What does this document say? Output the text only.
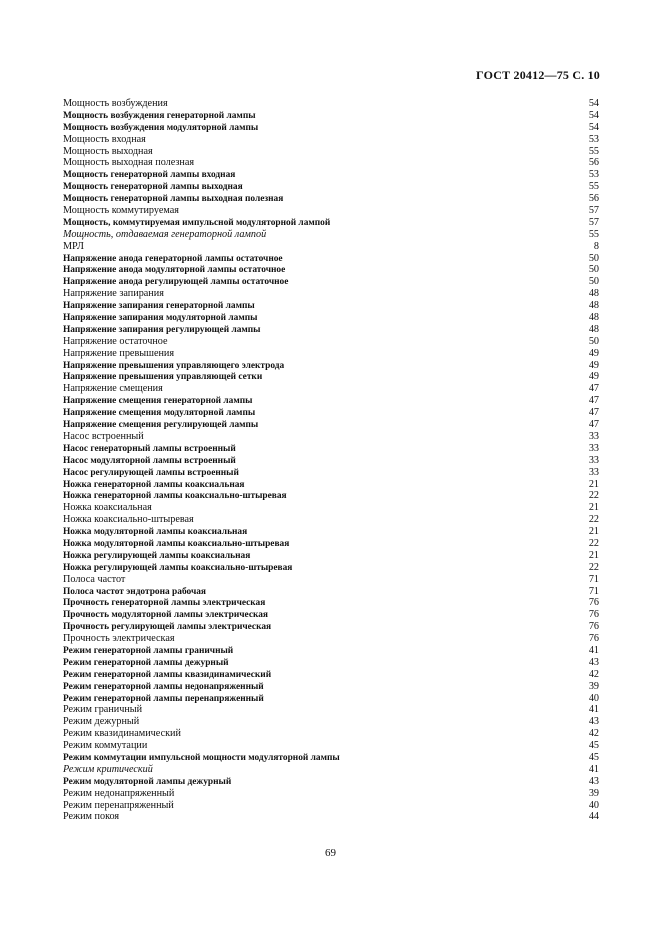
ГОСТ 20412—75 С. 10
Мощность возбуждения	54
Мощность возбуждения генераторной лампы	54
Мощность возбуждения модуляторной лампы	54
Мощность входная	53
Мощность выходная	55
Мощность выходная полезная	56
Мощность генераторной лампы входная	53
Мощность генераторной лампы выходная	55
Мощность генераторной лампы выходная полезная	56
Мощность коммутируемая	57
Мощность, коммутируемая импульсной модуляторной лампой	57
Мощность, отдаваемая генераторной лампой	55
МРЛ	8
Напряжение анода генераторной лампы остаточное	50
Напряжение анода модуляторной лампы остаточное	50
Напряжение анода регулирующей лампы остаточное	50
Напряжение запирания	48
Напряжение запирания генераторной лампы	48
Напряжение запирания модуляторной лампы	48
Напряжение запирания регулирующей лампы	48
Напряжение остаточное	50
Напряжение превышения	49
Напряжение превышения управляющего электрода	49
Напряжение превышения управляющей сетки	49
Напряжение смещения	47
Напряжение смещения генераторной лампы	47
Напряжение смещения модуляторной лампы	47
Напряжение смещения регулирующей лампы	47
Насос встроенный	33
Насос генераторный лампы встроенный	33
Насос модуляторной лампы встроенный	33
Насос регулирующей лампы встроенный	33
Ножка генераторной лампы коаксиальная	21
Ножка генераторной лампы коаксиально-штыревая	22
Ножка коаксиальная	21
Ножка коаксиально-штыревая	22
Ножка модуляторной лампы коаксиальная	21
Ножка модуляторной лампы коаксиально-штыревая	22
Ножка регулирующей лампы коаксиальная	21
Ножка регулирующей лампы коаксиально-штыревая	22
Полоса частот	71
Полоса частот эндотрона рабочая	71
Прочность генераторной лампы электрическая	76
Прочность модуляторной лампы электрическая	76
Прочность регулирующей лампы электрическая	76
Прочность электрическая	76
Режим генераторной лампы граничный	41
Режим генераторной лампы дежурный	43
Режим генераторной лампы квазидинамический	42
Режим генераторной лампы недонапряженный	39
Режим генераторной лампы перенапряженный	40
Режим граничный	41
Режим дежурный	43
Режим квазидинамический	42
Режим коммутации	45
Режим коммутации импульсной мощности модуляторной лампы	45
Режим критический	41
Режим модуляторной лампы дежурный	43
Режим недонапряженный	39
Режим перенапряженный	40
Режим покоя	44
69
